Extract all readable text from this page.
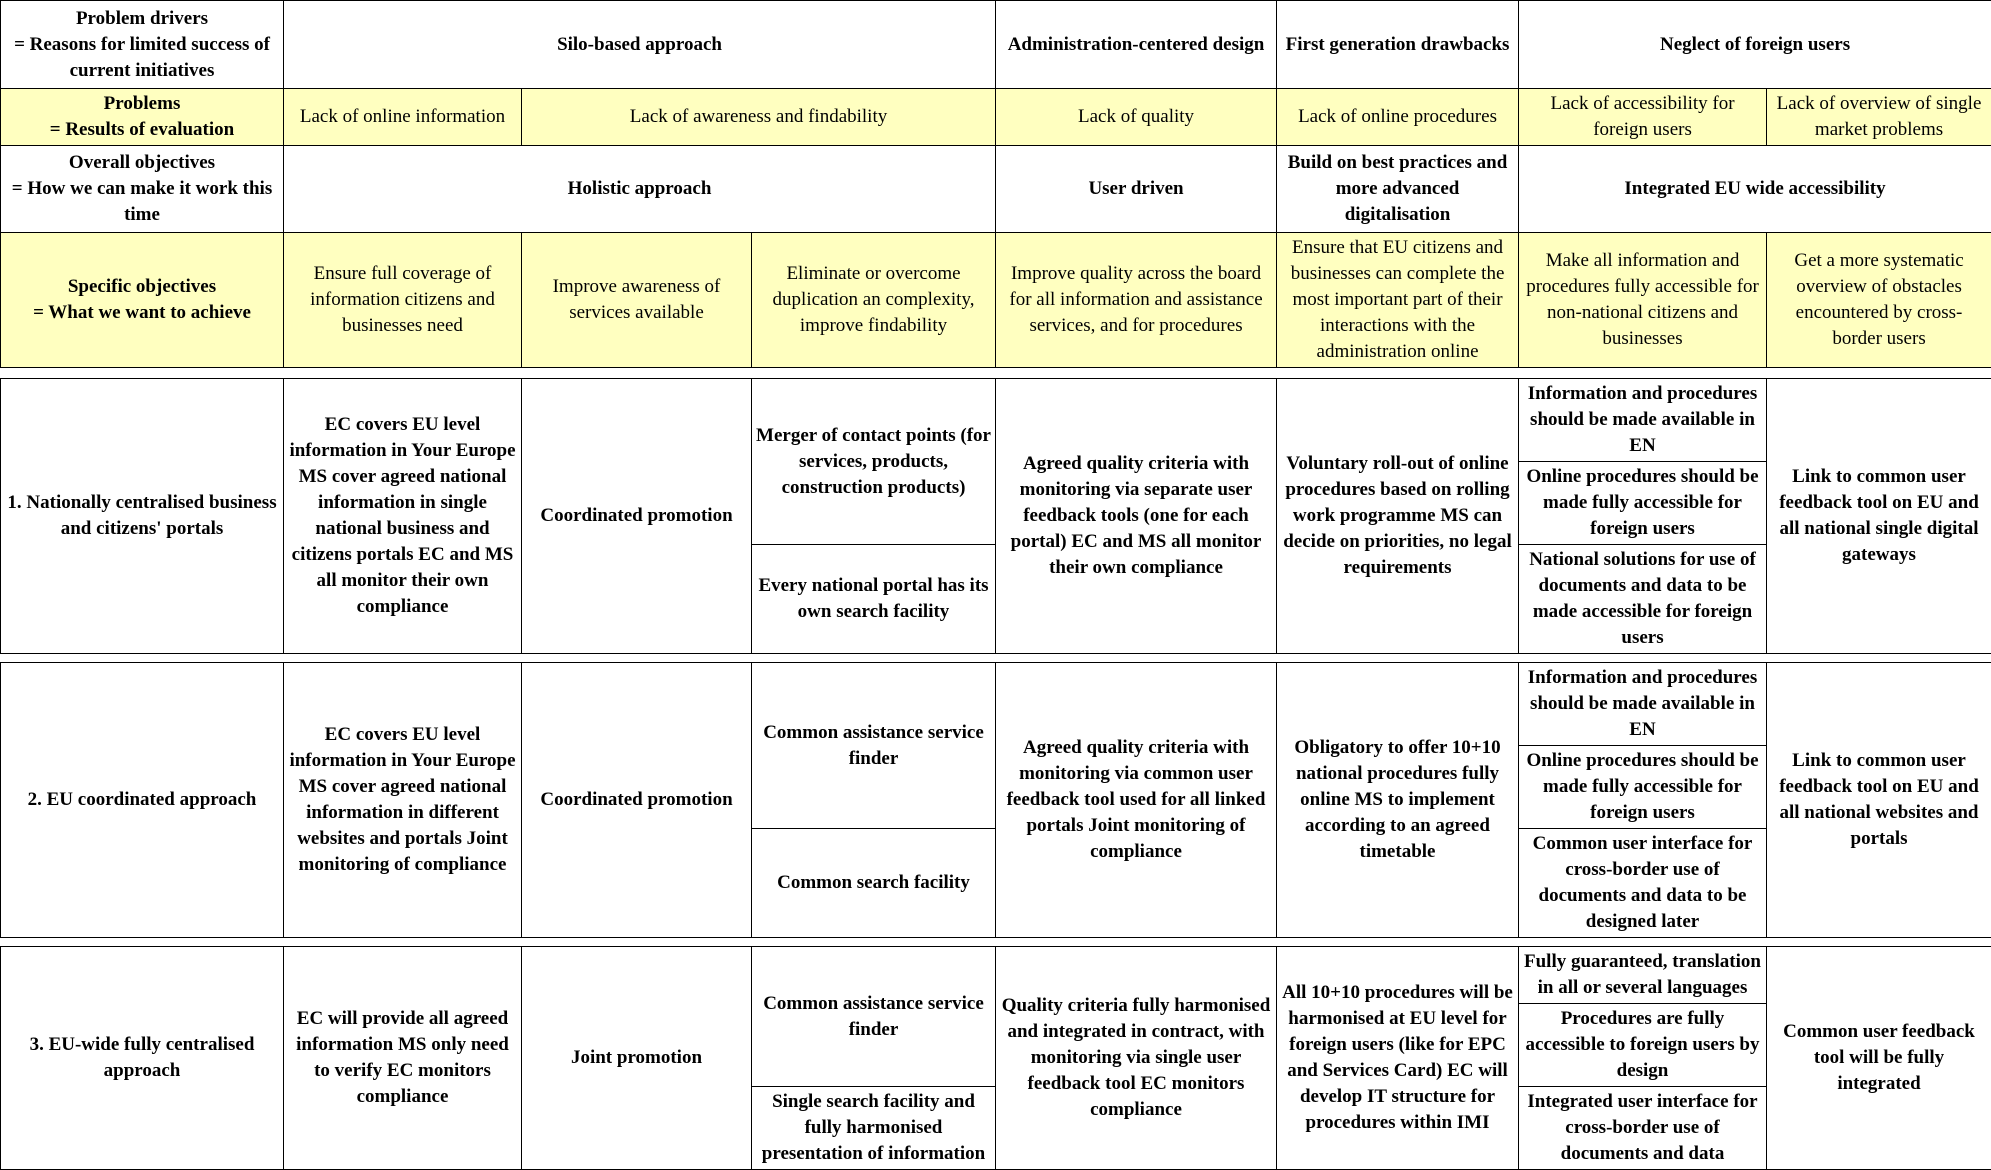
Problem drivers
= Reasons for limited success of current initiatives	Silo-based approach			Administration-centered design	First generation drawbacks	Neglect of foreign users	

Problems
= Results of evaluation	Lack of online information	Lack of awareness and findability		Lack of quality	Lack of online procedures	Lack of accessibility for foreign users	Lack of overview of single market problems

Overall objectives
= How we can make it work this time	Holistic approach			User driven	Build on best practices and more advanced digitalisation	Integrated EU wide accessibility	

Specific objectives
= What we want to achieve	Ensure full coverage of information citizens and businesses need	Improve awareness of services available	Eliminate or overcome duplication an complexity, improve findability	Improve quality across the board for all information and assistance services, and for procedures	Ensure that EU citizens and businesses can complete the most important part of their interactions with the administration online	Make all information and procedures fully accessible for non-national citizens and businesses	Get a more systematic overview of obstacles encountered by cross-border users
1. Nationally centralised business and citizens' portals	EC covers EU level information in Your Europe MS cover agreed national information in single national business and citizens portals EC and MS all monitor their own compliance	Coordinated promotion	Merger of contact points (for services, products, construction products)	Agreed quality criteria with monitoring via separate user feedback tools (one for each portal) EC and MS all monitor their own compliance	Voluntary roll-out of online procedures based on rolling work programme MS can decide on priorities, no legal requirements	Information and procedures should be made available in EN	Link to common user feedback tool on EU and all national single digital gateways
						Online procedures should be made fully accessible for foreign users	
			Every national portal has its own search facility			National solutions for use of documents and data to be made accessible for foreign users	
2. EU coordinated approach	EC covers EU level information in Your Europe MS cover agreed national information in different websites and portals Joint monitoring of compliance	Coordinated promotion	Common assistance service finder	Agreed quality criteria with monitoring via common user feedback tool used for all linked portals Joint monitoring of compliance	Obligatory to offer 10+10 national procedures fully online MS to implement according to an agreed timetable	Information and procedures should be made available in EN	Link to common user feedback tool on EU and all national websites and portals
						Online procedures should be made fully accessible for foreign users	
			Common search facility			Common user interface for cross-border use of documents and data to be designed later	
3. EU-wide fully centralised approach	EC will provide all agreed information MS only need to verify EC monitors compliance	Joint promotion	Common assistance service finder	Quality criteria fully harmonised and integrated in contract, with monitoring via single user feedback tool EC monitors compliance	All 10+10 procedures will be harmonised at EU level for foreign users (like for EPC and Services Card) EC will develop IT structure for procedures within IMI	Fully guaranteed, translation in all or several languages	Common user feedback tool will be fully integrated
						Procedures are fully accessible to foreign users by design	
			Single search facility and fully harmonised presentation of information			Integrated user interface for cross-border use of documents and data	
